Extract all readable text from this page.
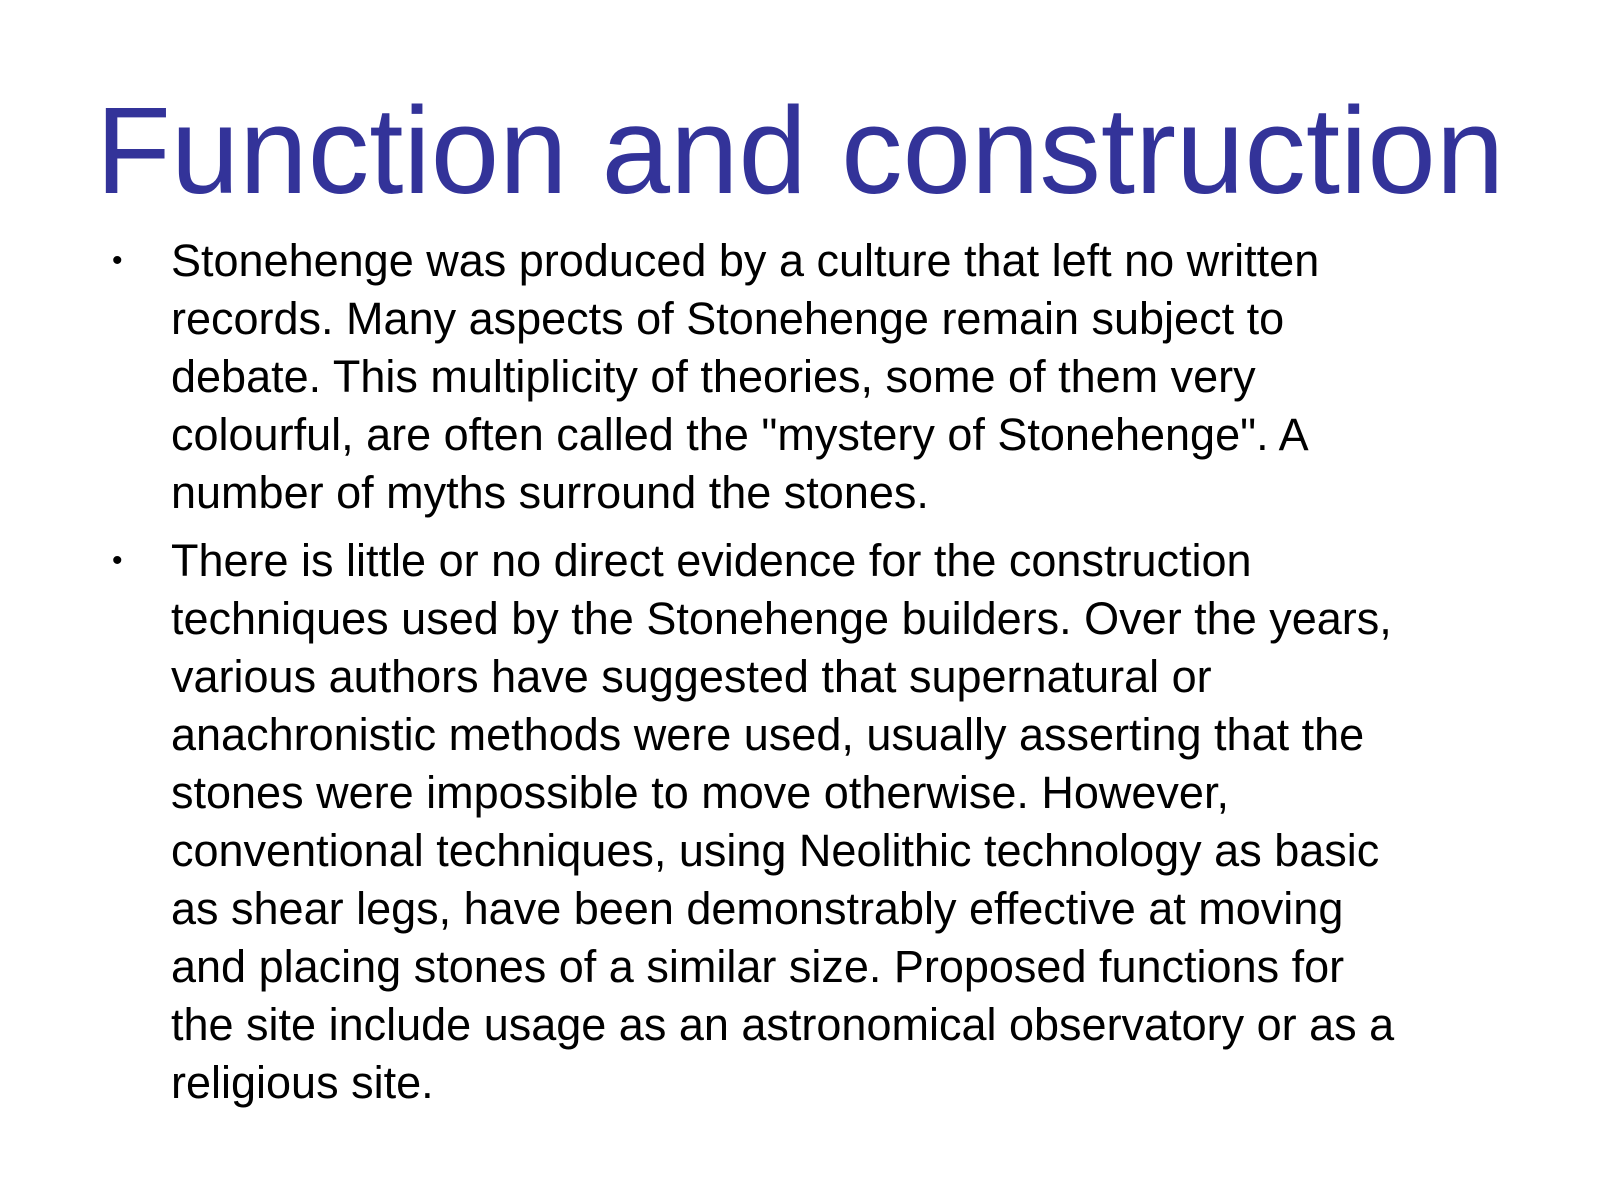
Function and construction
• Stonehenge was produced by a culture that left no written
records. Many aspects of Stonehenge remain subject to
debate. This multiplicity of theories, some of them very
colourful, are often called the "mystery of Stonehenge". A
number of myths surround the stones.
• There is little or no direct evidence for the construction
techniques used by the Stonehenge builders. Over the years,
various authors have suggested that supernatural or
anachronistic methods were used, usually asserting that the
stones were impossible to move otherwise. However,
conventional techniques, using Neolithic technology as basic
as shear legs, have been demonstrably effective at moving
and placing stones of a similar size. Proposed functions for
the site include usage as an astronomical observatory or as a
religious site.
